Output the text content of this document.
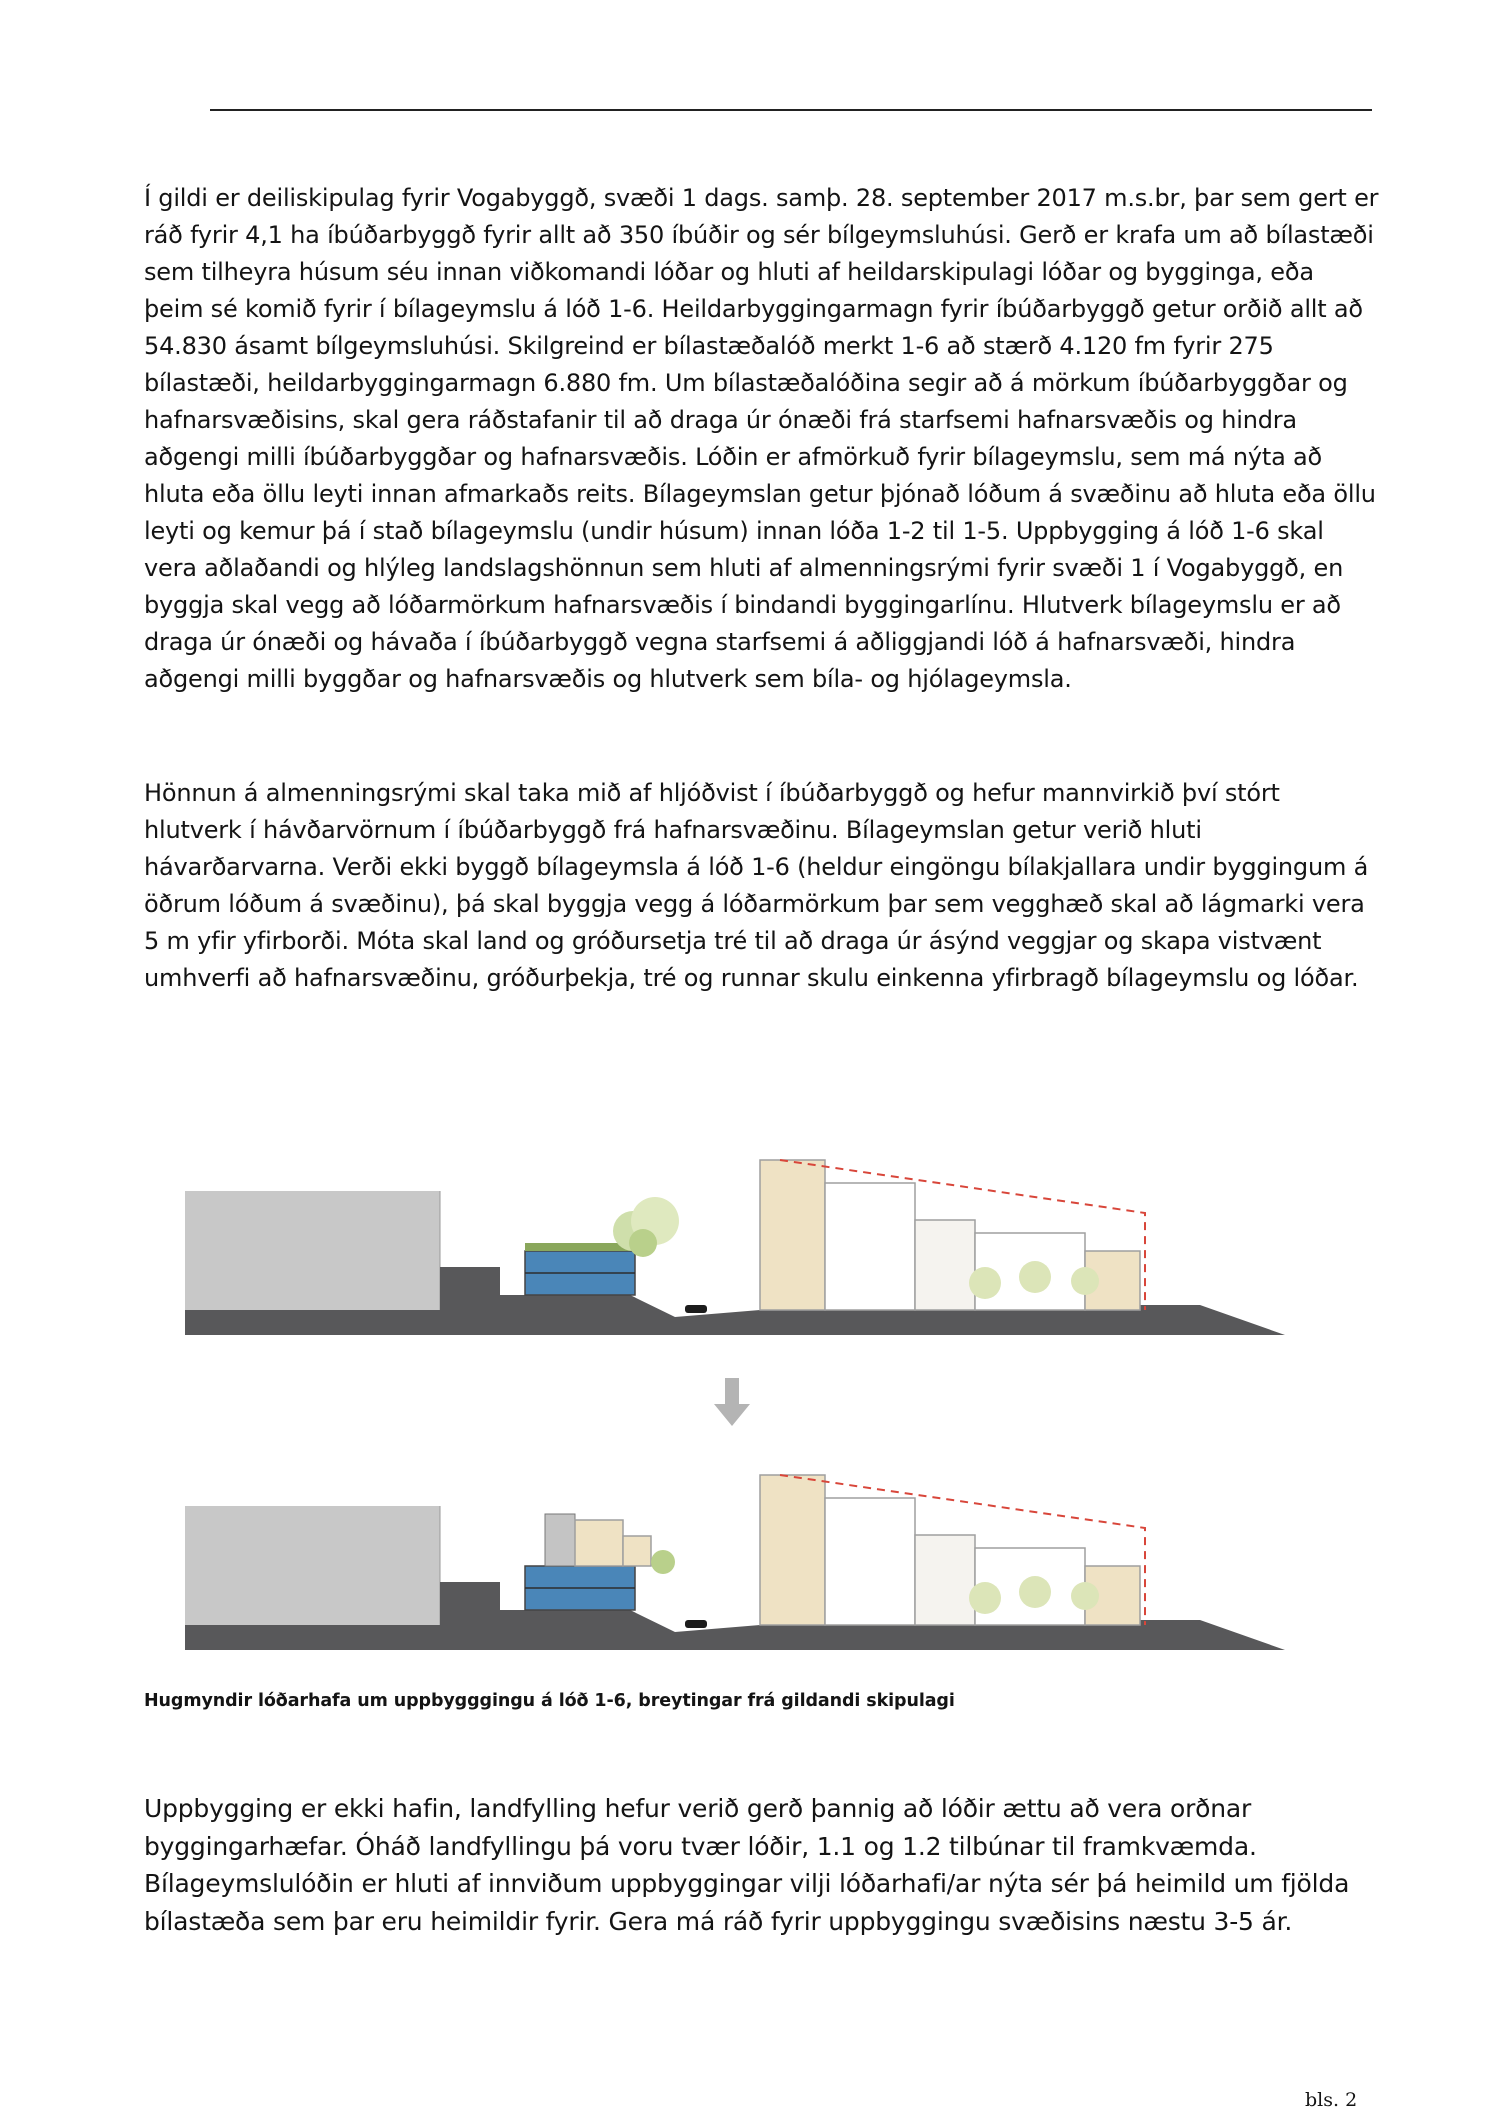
Í gildi er deiliskipulag fyrir Vogabyggð, svæði 1 dags. samþ. 28. september 2017 m.s.br, þar sem gert er ráð fyrir 4,1 ha íbúðarbyggð fyrir allt að 350 íbúðir og sér bílgeymsluhúsi. Gerð er krafa um að bílastæði sem tilheyra húsum séu innan viðkomandi lóðar og hluti af heildarskipulagi lóðar og bygginga, eða þeim sé komið fyrir í bílageymslu á lóð 1-6. Heildarbyggingarmagn fyrir íbúðarbyggð getur orðið allt að 54.830 ásamt bílgeymsluhúsi. Skilgreind er bílastæðalóð merkt 1-6 að stærð 4.120 fm fyrir 275 bílastæði, heildarbyggingarmagn 6.880 fm. Um bílastæðalóðina segir að á mörkum íbúðarbyggðar og hafnarsvæðisins, skal gera ráðstafanir til að draga úr ónæði frá starfsemi hafnarsvæðis og hindra aðgengi milli íbúðarbyggðar og hafnarsvæðis. Lóðin er afmörkuð fyrir bílageymslu, sem má nýta að hluta eða öllu leyti innan afmarkaðs reits. Bílageymslan getur þjónað lóðum á svæðinu að hluta eða öllu leyti og kemur þá í stað bílageymslu (undir húsum) innan lóða 1-2 til 1-5. Uppbygging á lóð 1-6 skal vera aðlaðandi og hlýleg landslagshönnun sem hluti af almenningsrými fyrir svæði 1 í Vogabyggð, en byggja skal vegg að lóðarmörkum hafnarsvæðis í bindandi byggingarlínu. Hlutverk bílageymslu er að draga úr ónæði og hávaða í íbúðarbyggð vegna starfsemi á aðliggjandi lóð á hafnarsvæði, hindra aðgengi milli byggðar og hafnarsvæðis og hlutverk sem bíla- og hjólageymsla.

Hönnun á almenningsrými skal taka mið af hljóðvist í íbúðarbyggð og hefur mannvirkið því stórt hlutverk í hávðarvörnum í íbúðarbyggð frá hafnarsvæðinu. Bílageymslan getur verið hluti hávarðarvarna. Verði ekki byggð bílageymsla á lóð 1-6 (heldur eingöngu bílakjallara undir byggingum á öðrum lóðum á svæðinu), þá skal byggja vegg á lóðarmörkum þar sem vegghæð skal að lágmarki vera 5 m yfir yfirborði. Móta skal land og gróðursetja tré til að draga úr ásýnd veggjar og skapa vistvænt umhverfi að hafnarsvæðinu, gróðurþekja, tré og runnar skulu einkenna yfirbragð bílageymslu og lóðar.

Hugmyndir lóðarhafa um uppbygggingu á lóð 1-6, breytingar frá gildandi skipulagi

Uppbygging er ekki hafin, landfylling hefur verið gerð þannig að lóðir ættu að vera orðnar byggingarhæfar. Óháð landfyllingu þá voru tvær lóðir, 1.1 og 1.2 tilbúnar til framkvæmda. Bílageymslulóðin er hluti af innviðum uppbyggingar vilji lóðarhafi/ar nýta sér þá heimild um fjölda bílastæða sem þar eru heimildir fyrir. Gera má ráð fyrir uppbyggingu svæðisins næstu 3-5 ár.

bls. 2
